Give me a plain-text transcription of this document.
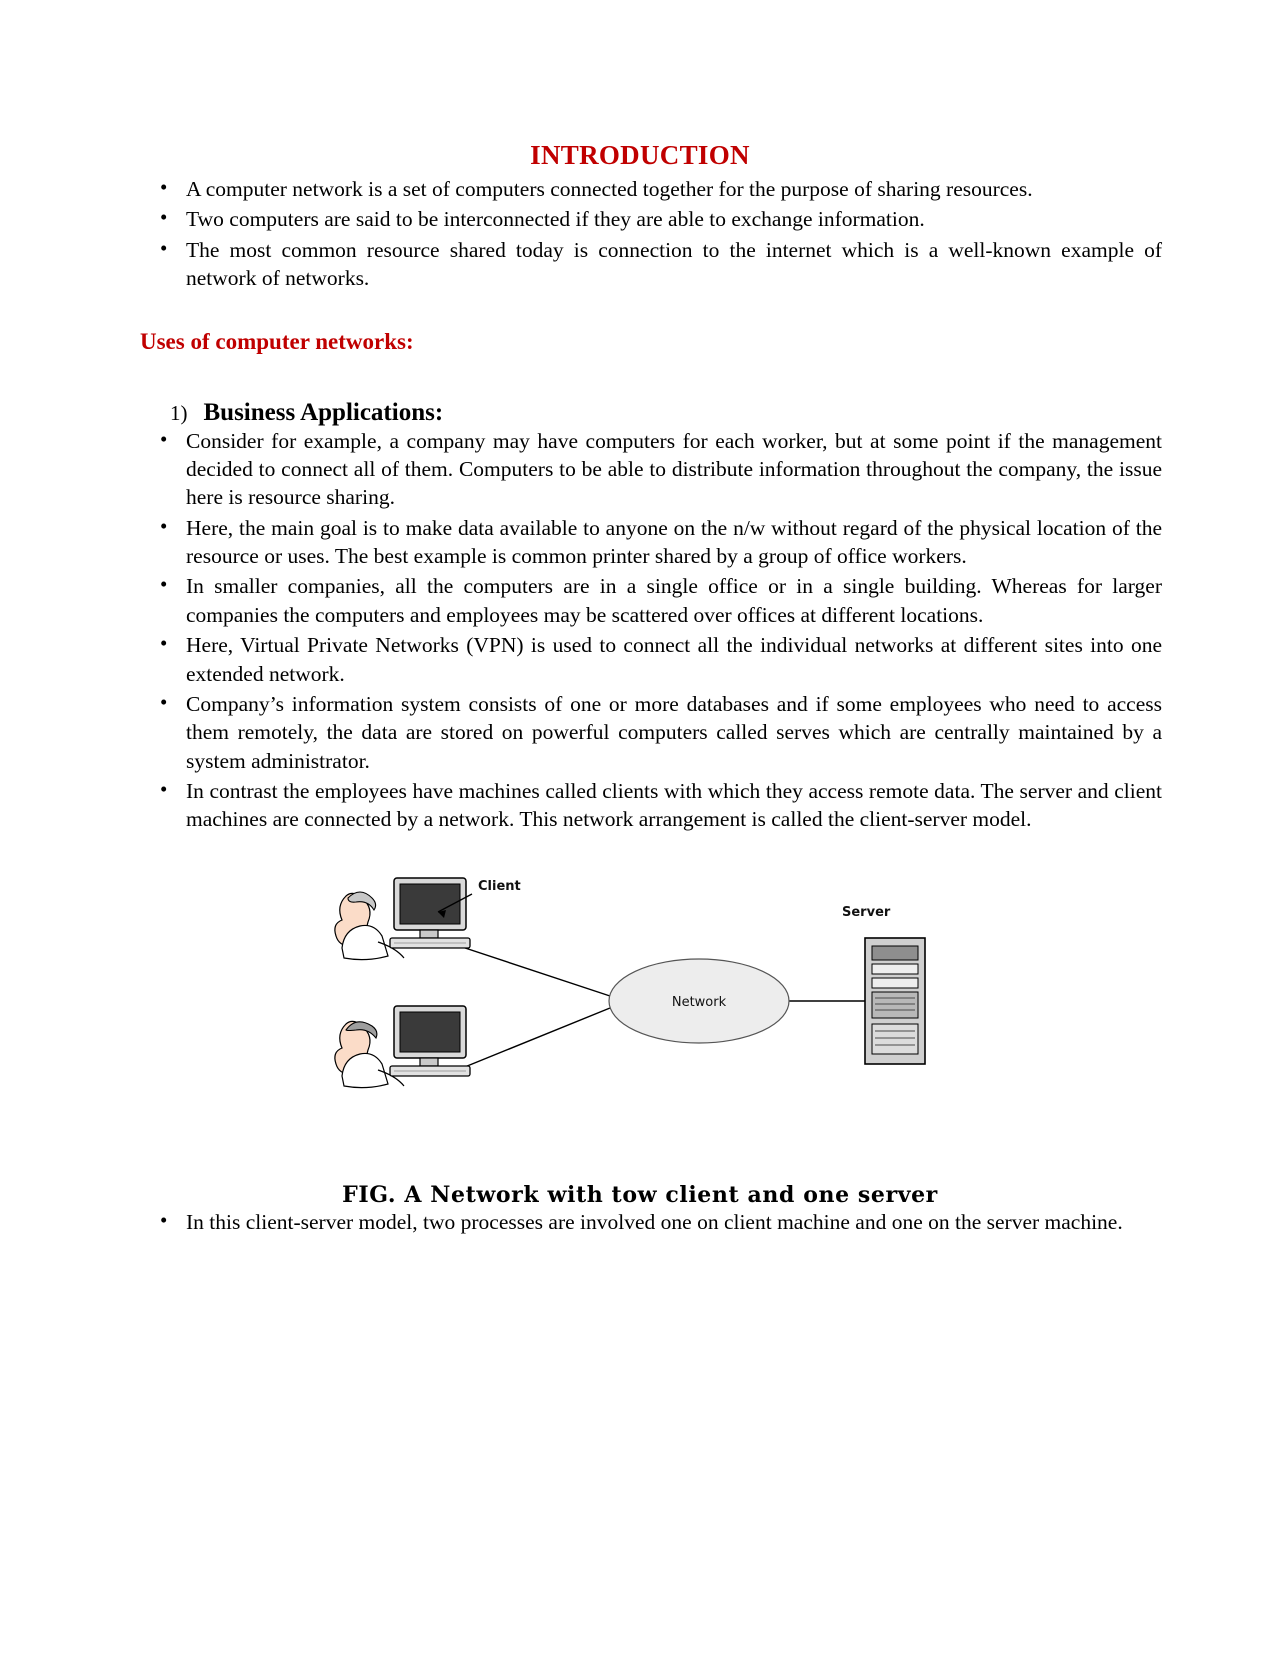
INTRODUCTION
• A computer network is a set of computers connected together for the purpose of sharing resources.
• Two computers are said to be interconnected if they are able to exchange information.
• The most common resource shared today is connection to the internet which is a well-known example of network of networks.
Uses of computer networks:
1) Business Applications:
• Consider for example, a company may have computers for each worker, but at some point if the management decided to connect all of them. Computers to be able to distribute information throughout the company, the issue here is resource sharing.
• Here, the main goal is to make data available to anyone on the n/w without regard of the physical location of the resource or uses. The best example is common printer shared by a group of office workers.
• In smaller companies, all the computers are in a single office or in a single building. Whereas for larger companies the computers and employees may be scattered over offices at different locations.
• Here, Virtual Private Networks (VPN) is used to connect all the individual networks at different sites into one extended network.
• Company’s information system consists of one or more databases and if some employees who need to access them remotely, the data are stored on powerful computers called serves which are centrally maintained by a system administrator.
• In contrast the employees have machines called clients with which they access remote data. The server and client machines are connected by a network. This network arrangement is called the client-server model.
Network
Client
Server
FIG. A Network with tow client and one server
• In this client-server model, two processes are involved one on client machine and one on the server machine.
